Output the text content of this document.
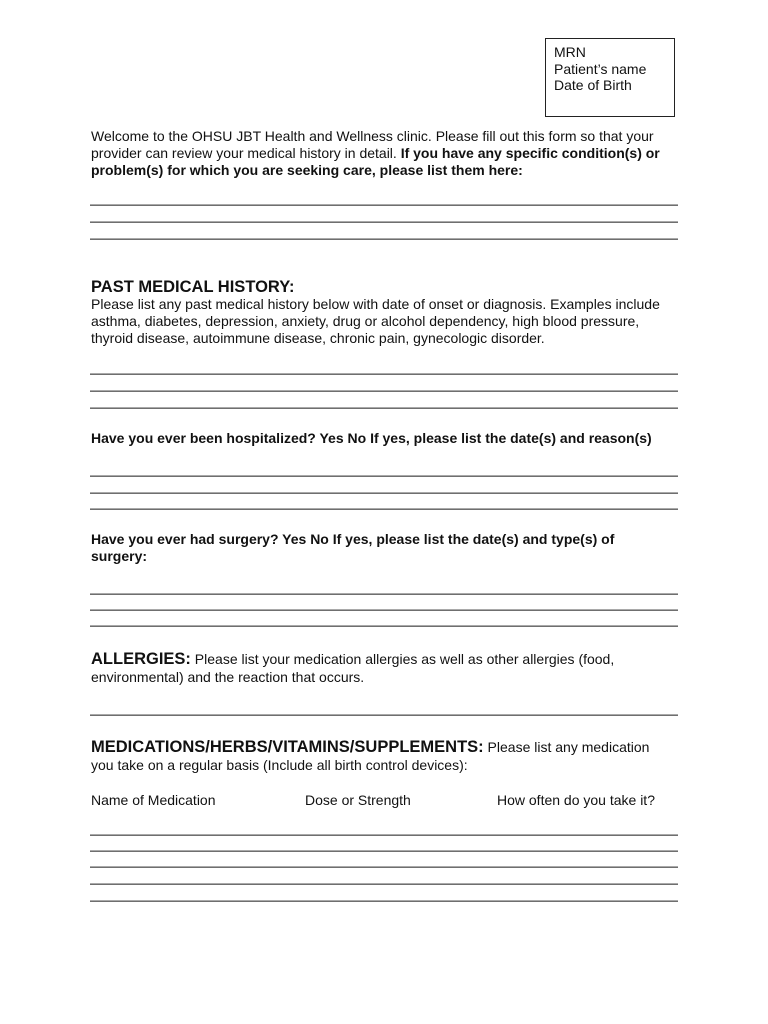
MRN
Patient’s name
Date of Birth
Welcome to the OHSU JBT Health and Wellness clinic. Please fill out this form so that your
provider can review your medical history in detail. If you have any specific condition(s) or
problem(s) for which you are seeking care, please list them here:
PAST MEDICAL HISTORY:
Please list any past medical history below with date of onset or diagnosis. Examples include
asthma, diabetes, depression, anxiety, drug or alcohol dependency, high blood pressure,
thyroid disease, autoimmune disease, chronic pain, gynecologic disorder.
Have you ever been hospitalized? Yes No If yes, please list the date(s) and reason(s)
Have you ever had surgery? Yes No If yes, please list the date(s) and type(s) of
surgery:
ALLERGIES: Please list your medication allergies as well as other allergies (food,
environmental) and the reaction that occurs.
MEDICATIONS/HERBS/VITAMINS/SUPPLEMENTS: Please list any medication
you take on a regular basis (Include all birth control devices):
Name of Medication	Dose or Strength	How often do you take it?
